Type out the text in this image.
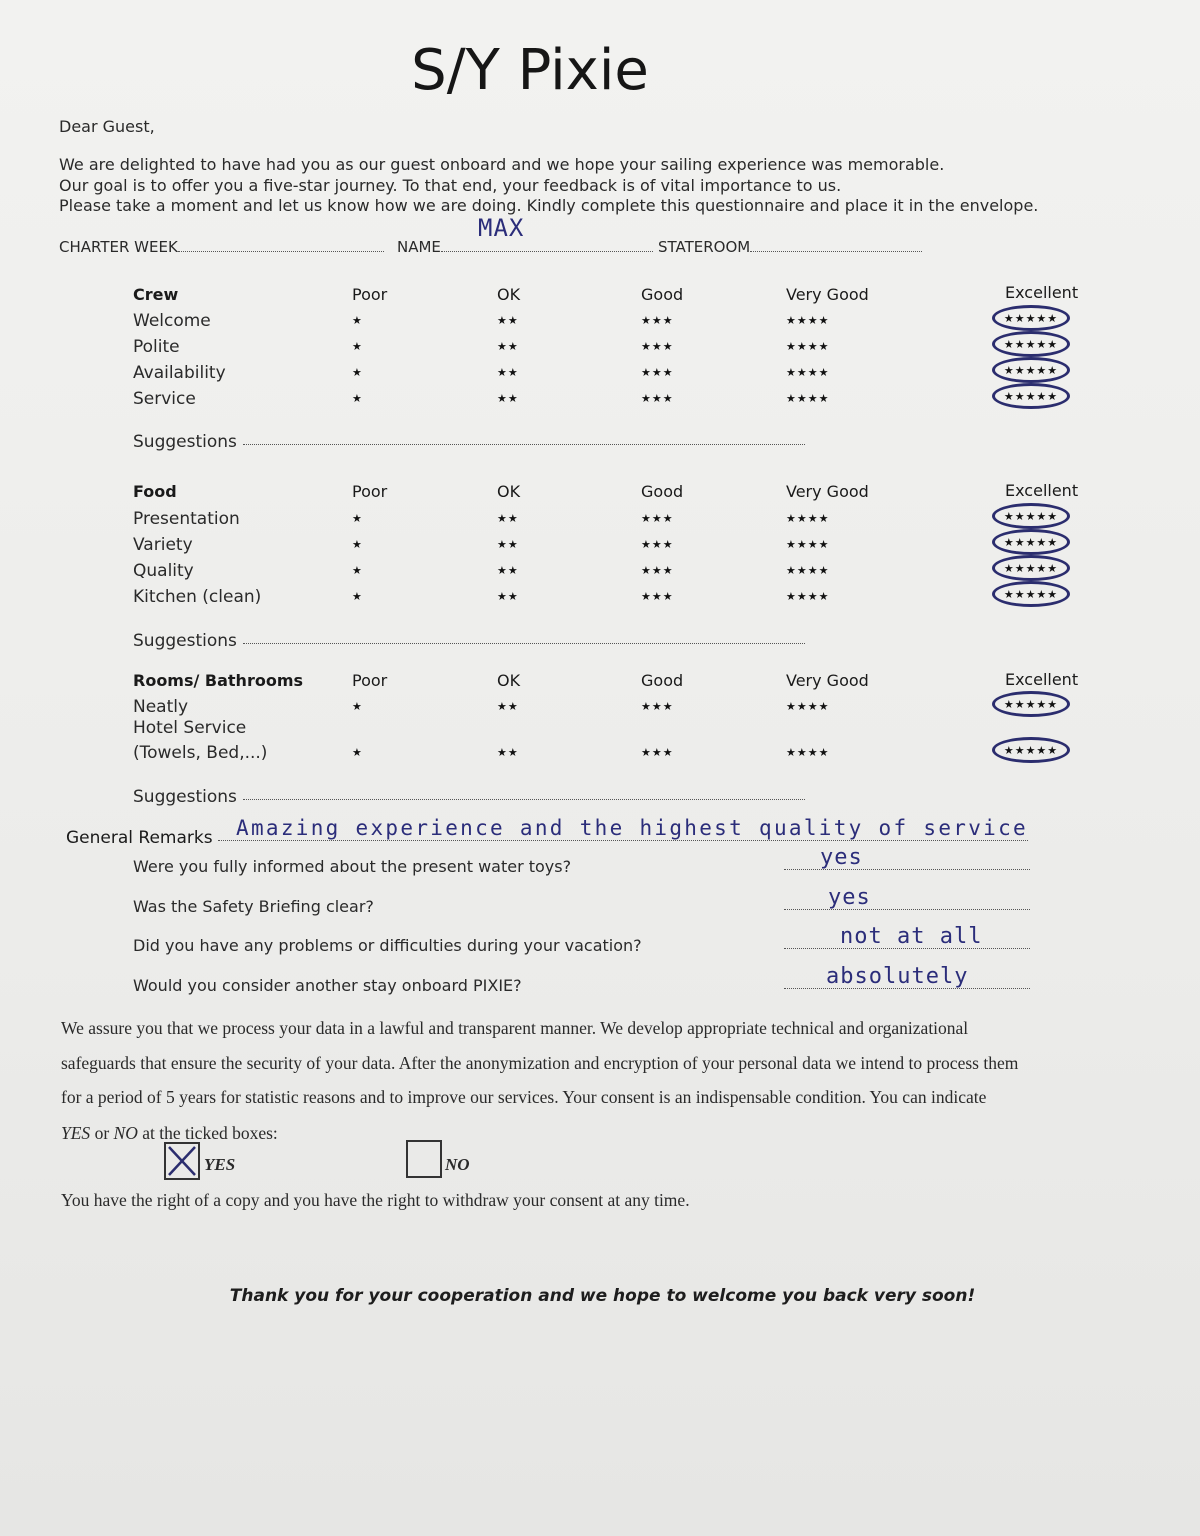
S/Y Pixie
Dear Guest,
We are delighted to have had you as our guest onboard and we hope your sailing experience was memorable.
Our goal is to offer you a five-star journey. To that end, your feedback is of vital importance to us.
Please take a moment and let us know how we are doing. Kindly complete this questionnaire and place it in the envelope.
CHARTER WEEK	NAME
MAX
STATEROOM
Crew	Poor	OK	Good	Very Good	Excellent
Welcome	★	★★	★★★	★★★★	★★★★★
Polite	★	★★	★★★	★★★★	★★★★★
Availability	★	★★	★★★	★★★★	★★★★★
Service	★	★★	★★★	★★★★	★★★★★
Suggestions
Food	Poor	OK	Good	Very Good	Excellent
Presentation	★	★★	★★★	★★★★	★★★★★
Variety	★	★★	★★★	★★★★	★★★★★
Quality	★	★★	★★★	★★★★	★★★★★
Kitchen (clean)	★	★★	★★★	★★★★	★★★★★
Suggestions
Rooms/ Bathrooms	Poor	OK	Good	Very Good	Excellent
Neatly	★	★★	★★★	★★★★	★★★★★
Hotel Service
(Towels, Bed,...)	★	★★	★★★	★★★★	★★★★★
Suggestions
General Remarks Amazing experience and the highest quality of service
Were you fully informed about the present water toys?	yes
Was the Safety Briefing clear?	yes
Did you have any problems or difficulties during your vacation?	not at all
Would you consider another stay onboard PIXIE?	absolutely
We assure you that we process your data in a lawful and transparent manner. We develop appropriate technical and organizational
safeguards that ensure the security of your data. After the anonymization and encryption of your personal data we intend to process them
for a period of 5 years for statistic reasons and to improve our services. Your consent is an indispensable condition. You can indicate
YES or NO at the ticked boxes:
YES	NO
You have the right of a copy and you have the right to withdraw your consent at any time.
Thank you for your cooperation and we hope to welcome you back very soon!
